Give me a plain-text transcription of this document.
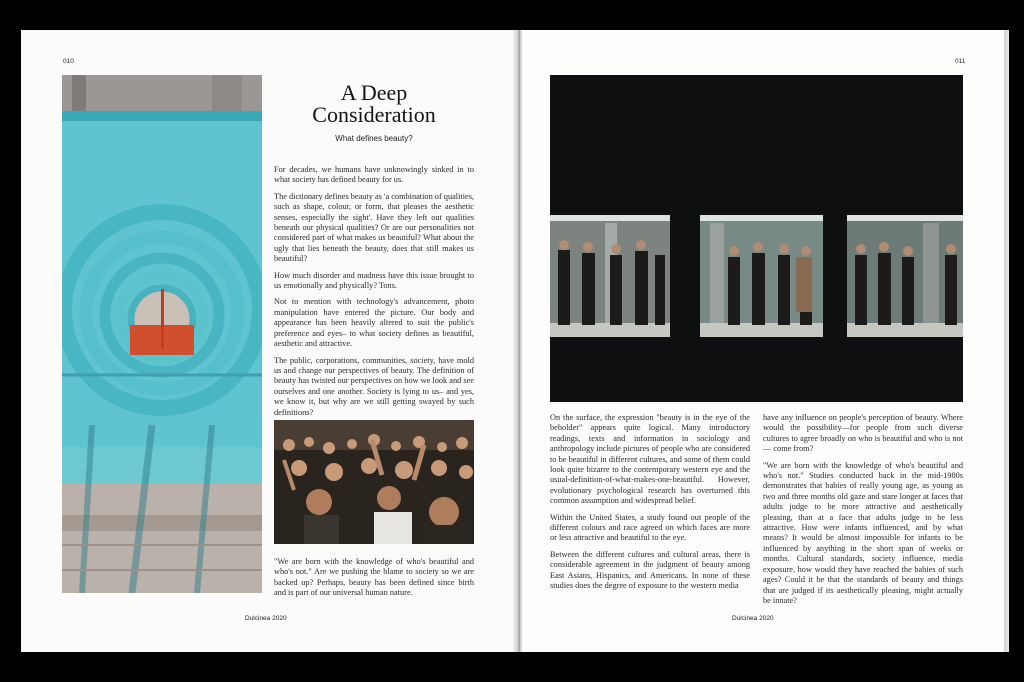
010
A Deep
Consideration
What defines beauty?

For decades, we humans have unknowingly sinked in to what society has defined beauty for us.

The dictionary defines beauty as 'a combination of qualities, such as shape, colour, or form, that pleases the aesthetic senses, especially the sight'. Have they left out qualities beneath our physical qualities? Or are our personalities not considered part of what makes us beautiful? What about the ugly that lies beneath the beauty, does that still makes us beautiful?

How much disorder and madness have this issue brought to us emotionally and physically? Tons.

Not to mention with technology's advancement, photo manipulation have entered the picture. Our body and appearance has been heavily altered to suit the public's preference and eyes– to what society defines as beautiful, aesthetic and attractive.

The public, corporations, communities, society, have mold us and change our perspectives of beauty. The definition of beauty has twisted our perspectives on how we look and see ourselves and one another. Society is lying to us– and yes, we know it, but why are we still getting swayed by such definitions?

"We are born with the knowledge of who's beautiful and who's not." Are we pushing the blame to society so we are backed up? Perhaps, beauty has been defined since birth and is part of our universal human nature.

Dulcinea 2020
011

On the surface, the expression "beauty is in the eye of the beholder" appears quite logical. Many introductory readings, texts and information in sociology and anthropology include pictures of people who are considered to be beautiful in different cultures, and some of them could look quite bizarre to the contemporary western eye and the usual-definition-of-what-makes-one-beautiful. However, evolutionary psychological research has overturned this common assumption and widespread belief.

Within the United States, a study found out people of the different colours and race agreed on which faces are more or less attractive and beautiful to the eye.

Between the different cultures and cultural areas, there is considerable agreement in the judgment of beauty among East Asians, Hispanics, and Americans. In none of these studies does the degree of exposure to the western media

have any influence on people's perception of beauty. Where would the possibility—for people from such diverse cultures to agree broadly on who is beautiful and who is not— come from?

"We are born with the knowledge of who's beautiful and who's not." Studies conducted back in the mid-1980s demonstrates that babies of really young age, as young as two and three months old gaze and stare longer at faces that adults judge to be more attractive and aesthetically pleasing, than at a face that adults judge to be less attractive. How were infants influenced, and by what means? It would be almost impossible for infants to be influenced by anything in the short span of weeks or months. Cultural standards, society influence, media exposure, how would they have reached the babies of such ages? Could it be that the standards of beauty and things that are judged if its aesthetically pleasing, might actually be innate?

Dulcinea 2020
